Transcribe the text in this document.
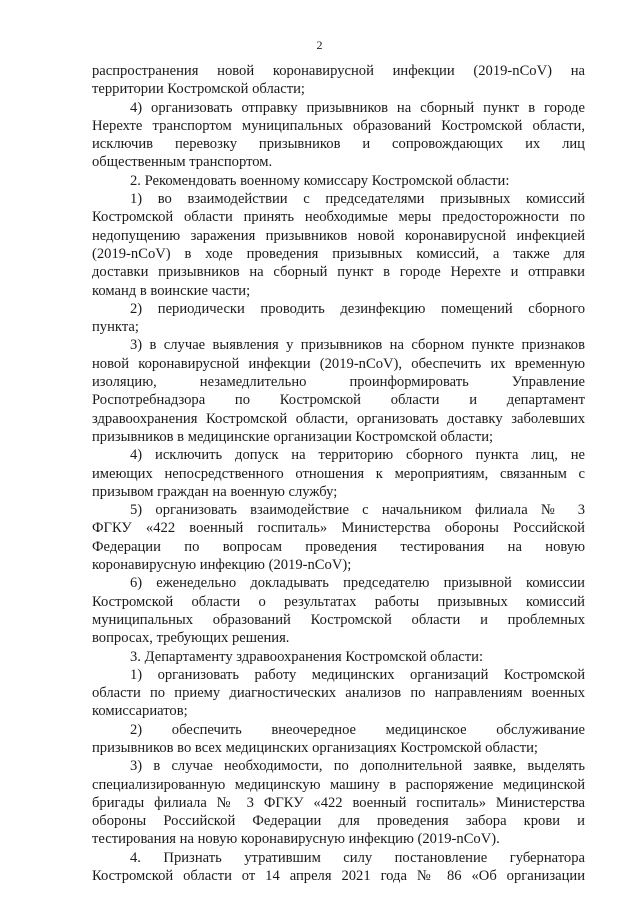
2
распространения новой коронавирусной инфекции (2019-nCoV) на
территории Костромской области;
4) организовать отправку призывников на сборный пункт в городе
Нерехте транспортом муниципальных образований Костромской области,
исключив перевозку призывников и сопровождающих их лиц
общественным транспортом.
2. Рекомендовать военному комиссару Костромской области:
1) во взаимодействии с председателями призывных комиссий
Костромской области принять необходимые меры предосторожности по
недопущению заражения призывников новой коронавирусной инфекцией
(2019-nCoV) в ходе проведения призывных комиссий, а также для
доставки призывников на сборный пункт в городе Нерехте и отправки
команд в воинские части;
2) периодически проводить дезинфекцию помещений сборного
пункта;
3) в случае выявления у призывников на сборном пункте признаков
новой коронавирусной инфекции (2019-nCoV), обеспечить их временную
изоляцию, незамедлительно проинформировать Управление
Роспотребнадзора по Костромской области и департамент
здравоохранения Костромской области, организовать доставку заболевших
призывников в медицинские организации Костромской области;
4) исключить допуск на территорию сборного пункта лиц, не
имеющих непосредственного отношения к мероприятиям, связанным с
призывом граждан на военную службу;
5) организовать взаимодействие с начальником филиала № 3
ФГКУ «422 военный госпиталь» Министерства обороны Российской
Федерации по вопросам проведения тестирования на новую
коронавирусную инфекцию (2019-nCoV);
6) еженедельно докладывать председателю призывной комиссии
Костромской области о результатах работы призывных комиссий
муниципальных образований Костромской области и проблемных
вопросах, требующих решения.
3. Департаменту здравоохранения Костромской области:
1) организовать работу медицинских организаций Костромской
области по приему диагностических анализов по направлениям военных
комиссариатов;
2) обеспечить внеочередное медицинское обслуживание
призывников во всех медицинских организациях Костромской области;
3) в случае необходимости, по дополнительной заявке, выделять
специализированную медицинскую машину в распоряжение медицинской
бригады филиала № 3 ФГКУ «422 военный госпиталь» Министерства
обороны Российской Федерации для проведения забора крови и
тестирования на новую коронавирусную инфекцию (2019-nCoV).
4. Признать утратившим силу постановление губернатора
Костромской области от 14 апреля 2021 года № 86 «Об организации
